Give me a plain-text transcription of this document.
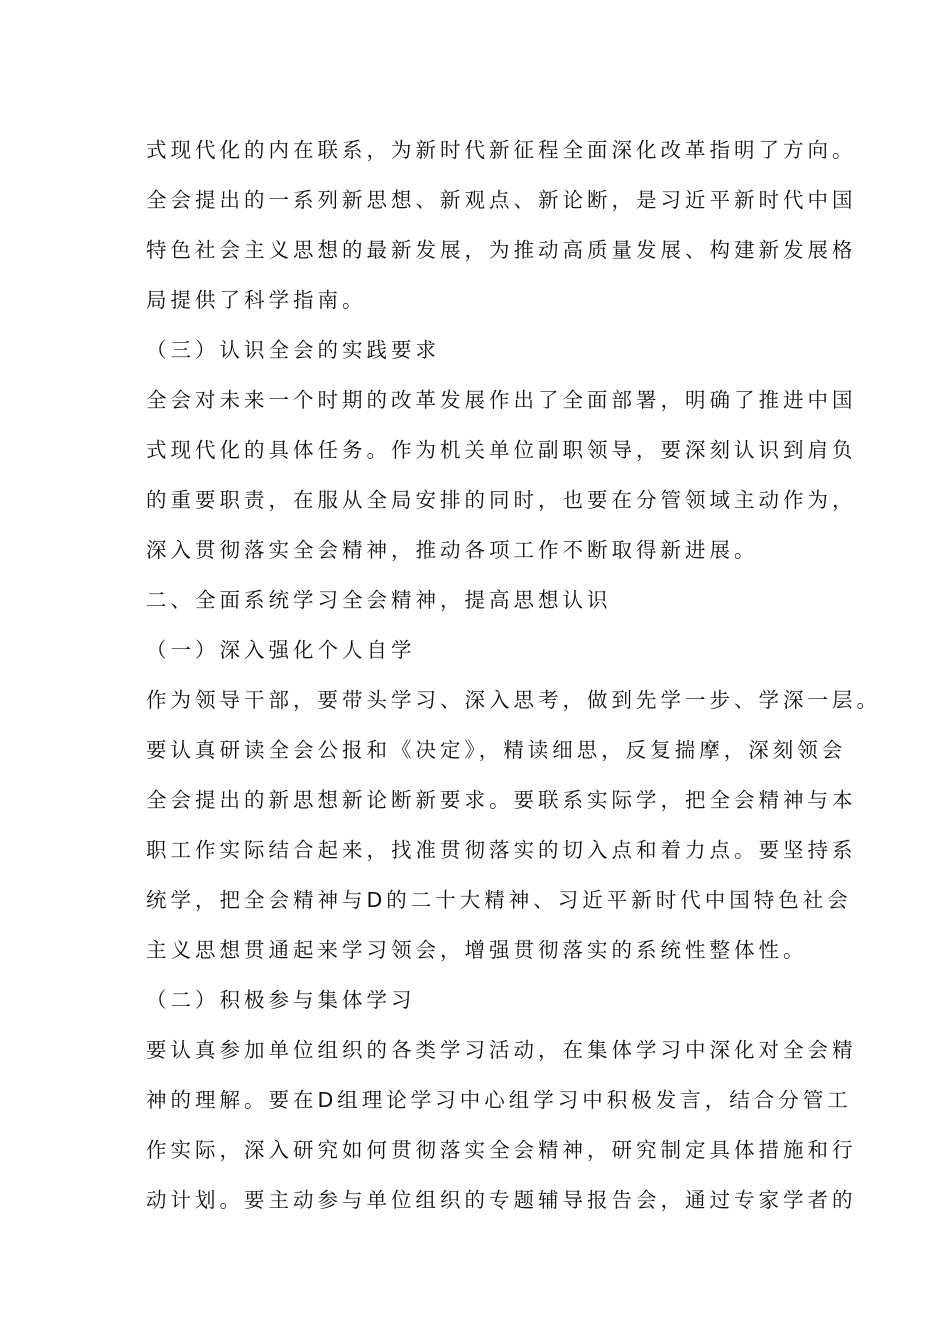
式现代化的内在联系，为新时代新征程全面深化改革指明了方向。
全会提出的一系列新思想、新观点、新论断，是习近平新时代中国
特色社会主义思想的最新发展，为推动高质量发展、构建新发展格
局提供了科学指南。
（三）认识全会的实践要求
全会对未来一个时期的改革发展作出了全面部署，明确了推进中国
式现代化的具体任务。作为机关单位副职领导，要深刻认识到肩负
的重要职责，在服从全局安排的同时，也要在分管领域主动作为，
深入贯彻落实全会精神，推动各项工作不断取得新进展。
二、全面系统学习全会精神，提高思想认识
（一）深入强化个人自学
作为领导干部，要带头学习、深入思考，做到先学一步、学深一层。
要认真研读全会公报和《决定》，精读细思，反复揣摩，深刻领会
全会提出的新思想新论断新要求。要联系实际学，把全会精神与本
职工作实际结合起来，找准贯彻落实的切入点和着力点。要坚持系
统学，把全会精神与D的二十大精神、习近平新时代中国特色社会
主义思想贯通起来学习领会，增强贯彻落实的系统性整体性。
（二）积极参与集体学习
要认真参加单位组织的各类学习活动，在集体学习中深化对全会精
神的理解。要在D组理论学习中心组学习中积极发言，结合分管工
作实际，深入研究如何贯彻落实全会精神，研究制定具体措施和行
动计划。要主动参与单位组织的专题辅导报告会，通过专家学者的
